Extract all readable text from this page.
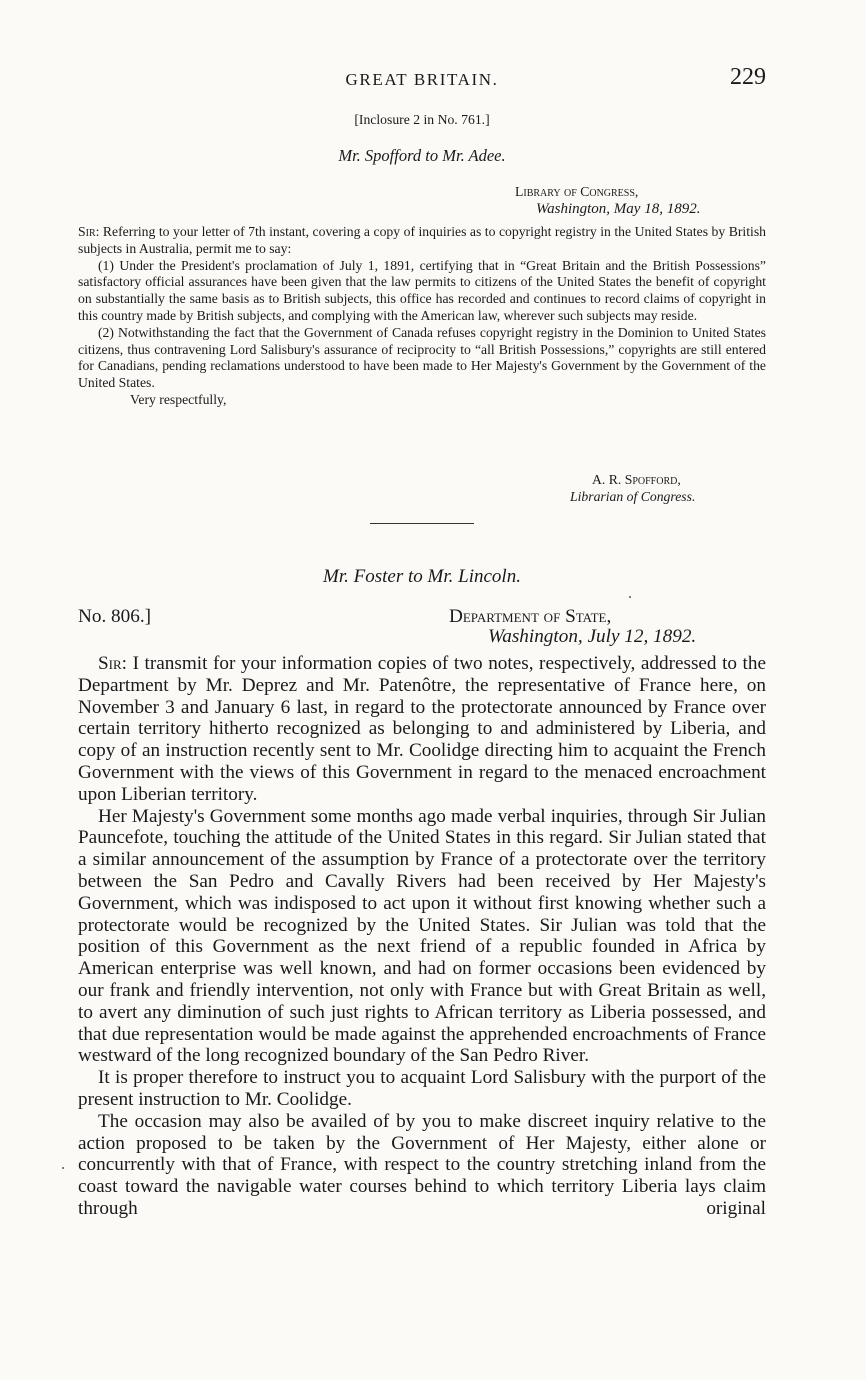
GREAT BRITAIN.	229
[Inclosure 2 in No. 761.]
Mr. Spofford to Mr. Adee.
Library of Congress,
Washington, May 18, 1892.

Sir: Referring to your letter of 7th instant, covering a copy of inquiries as to copyright registry in the United States by British subjects in Australia, permit me to say:

(1) Under the President's proclamation of July 1, 1891, certifying that in “Great Britain and the British Possessions” satisfactory official assurances have been given that the law permits to citizens of the United States the benefit of copyright on substantially the same basis as to British subjects, this office has recorded and continues to record claims of copyright in this country made by British subjects, and complying with the American law, wherever such subjects may reside.

(2) Notwithstanding the fact that the Government of Canada refuses copyright registry in the Dominion to United States citizens, thus contravening Lord Salisbury's assurance of reciprocity to “all British Possessions,” copyrights are still entered for Canadians, pending reclamations understood to have been made to Her Majesty's Government by the Government of the United States.

Very respectfully,

A. R. Spofford,
Librarian of Congress.
Mr. Foster to Mr. Lincoln.
No. 806.]	Department of State,
Washington, July 12, 1892.

Sir: I transmit for your information copies of two notes, respectively, addressed to the Department by Mr. Deprez and Mr. Patenôtre, the representative of France here, on November 3 and January 6 last, in regard to the protectorate announced by France over certain territory hitherto recognized as belonging to and administered by Liberia, and copy of an instruction recently sent to Mr. Coolidge directing him to acquaint the French Government with the views of this Government in regard to the menaced encroachment upon Liberian territory.

Her Majesty's Government some months ago made verbal inquiries, through Sir Julian Pauncefote, touching the attitude of the United States in this regard. Sir Julian stated that a similar announcement of the assumption by France of a protectorate over the territory between the San Pedro and Cavally Rivers had been received by Her Majesty's Government, which was indisposed to act upon it without first knowing whether such a protectorate would be recognized by the United States. Sir Julian was told that the position of this Government as the next friend of a republic founded in Africa by American enterprise was well known, and had on former occasions been evidenced by our frank and friendly intervention, not only with France but with Great Britain as well, to avert any diminution of such just rights to African territory as Liberia possessed, and that due representation would be made against the apprehended encroachments of France westward of the long recognized boundary of the San Pedro River.

It is proper therefore to instruct you to acquaint Lord Salisbury with the purport of the present instruction to Mr. Coolidge.

The occasion may also be availed of by you to make discreet inquiry relative to the action proposed to be taken by the Government of Her Majesty, either alone or concurrently with that of France, with respect to the country stretching inland from the coast toward the navigable water courses behind to which territory Liberia lays claim through original
